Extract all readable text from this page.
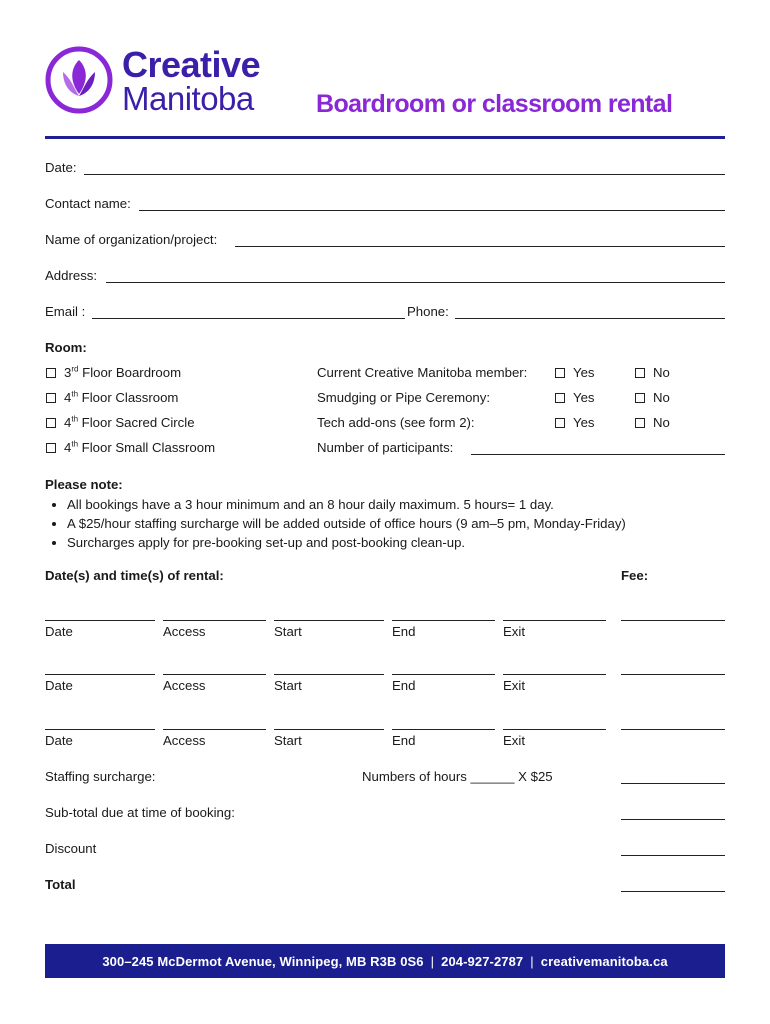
Creative
Manitoba Boardroom or classroom rental
Date:
Contact name:
Name of organization/project:
Address:
Email :	Phone:
Room:
3rd Floor Boardroom
4th Floor Classroom
4th Floor Sacred Circle
4th Floor Small Classroom
Current Creative Manitoba member:	Yes	No
Smudging or Pipe Ceremony:	Yes	No
Tech add-ons (see form 2):	Yes	No
Number of participants:
Please note:
• All bookings have a 3 hour minimum and an 8 hour daily maximum. 5 hours= 1 day.
• A $25/hour staffing surcharge will be added outside of office hours (9 am–5 pm, Monday-Friday)
• Surcharges apply for pre-booking set-up and post-booking clean-up.
Date(s) and time(s) of rental:	Fee:
Date	Access	Start	End	Exit
Date	Access	Start	End	Exit
Date	Access	Start	End	Exit
Staffing surcharge:	Numbers of hours ______ X $25
Sub-total due at time of booking:
Discount
Total
300–245 McDermot Avenue, Winnipeg, MB R3B 0S6 | 204-927-2787 | creativemanitoba.ca
